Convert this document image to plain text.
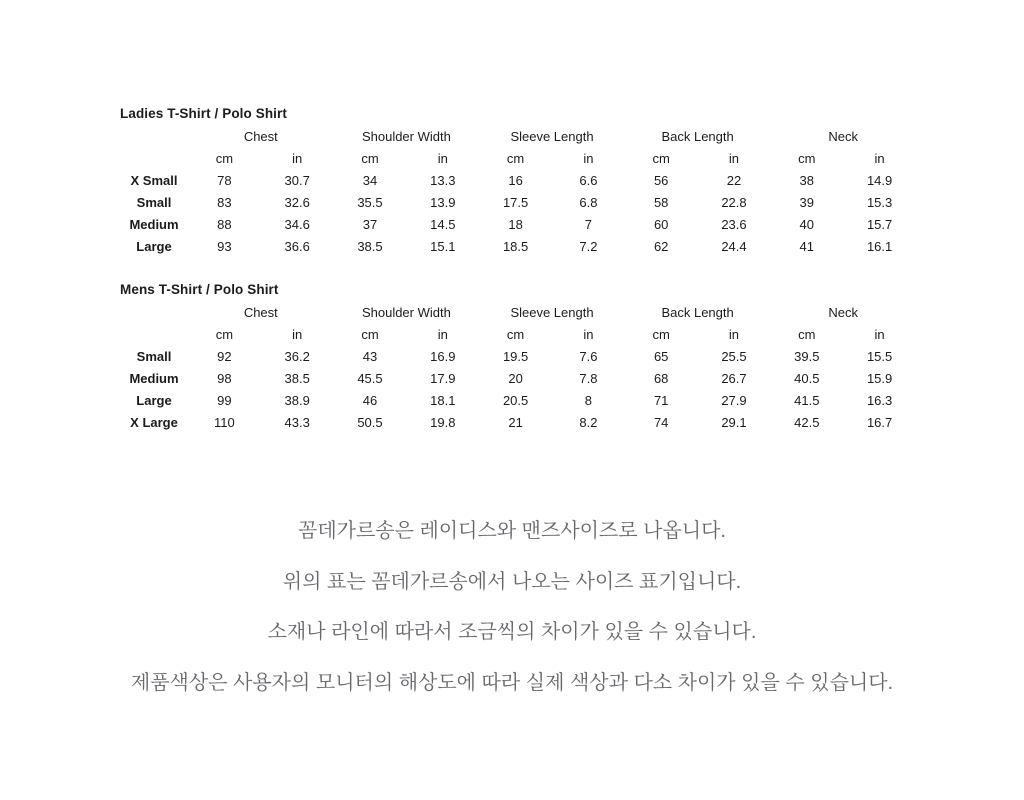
Ladies T-Shirt / Polo Shirt
	Chest		Shoulder Width		Sleeve Length		Back Length		Neck	
	cm	in	cm	in	cm	in	cm	in	cm	in
X Small	78	30.7	34	13.3	16	6.6	56	22	38	14.9
Small	83	32.6	35.5	13.9	17.5	6.8	58	22.8	39	15.3
Medium	88	34.6	37	14.5	18	7	60	23.6	40	15.7
Large	93	36.6	38.5	15.1	18.5	7.2	62	24.4	41	16.1
Mens T-Shirt / Polo Shirt
	Chest		Shoulder Width		Sleeve Length		Back Length		Neck	
	cm	in	cm	in	cm	in	cm	in	cm	in
Small	92	36.2	43	16.9	19.5	7.6	65	25.5	39.5	15.5
Medium	98	38.5	45.5	17.9	20	7.8	68	26.7	40.5	15.9
Large	99	38.9	46	18.1	20.5	8	71	27.9	41.5	16.3
X Large	110	43.3	50.5	19.8	21	8.2	74	29.1	42.5	16.7
꼼데가르송은 레이디스와 맨즈사이즈로 나옵니다.
위의 표는 꼼데가르송에서 나오는 사이즈 표기입니다.
소재나 라인에 따라서 조금씩의 차이가 있을 수 있습니다.
제품색상은 사용자의 모니터의 해상도에 따라 실제 색상과 다소 차이가 있을 수 있습니다.
